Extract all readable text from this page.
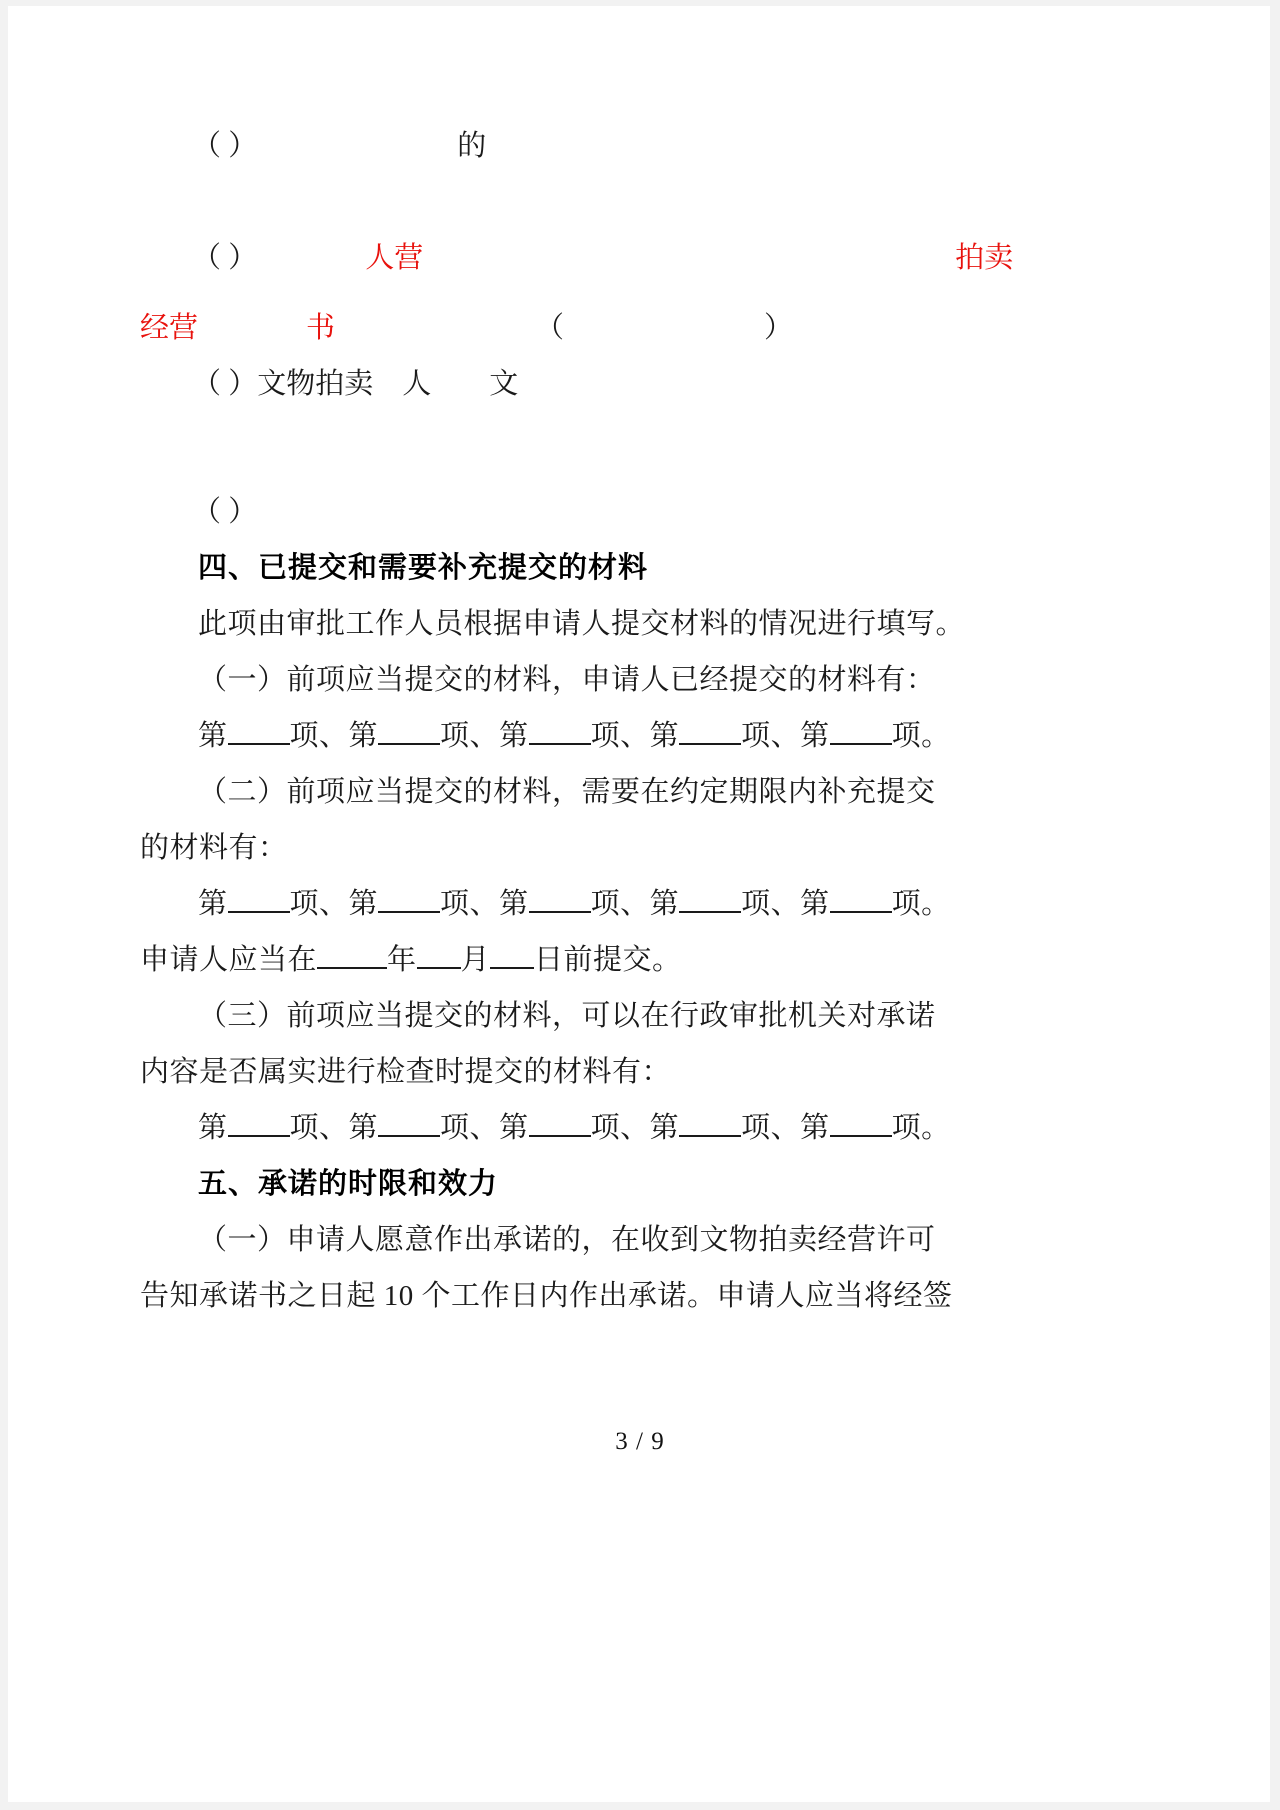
（ ）	的
（ ）	人营	拍卖
经营	书	（	）
（ ）文物拍卖    人        文
（ ）
四、已提交和需要补充提交的材料
此项由审批工作人员根据申请人提交材料的情况进行填写。
（一）前项应当提交的材料，申请人已经提交的材料有：
第 项、第 项、第 项、第 项、第 项。
（二）前项应当提交的材料，需要在约定期限内补充提交
的材料有：
第 项、第 项、第 项、第 项、第 项。
申请人应当在 年 月 日前提交。
（三）前项应当提交的材料，可以在行政审批机关对承诺
内容是否属实进行检查时提交的材料有：
第 项、第 项、第 项、第 项、第 项。
五、承诺的时限和效力
（一）申请人愿意作出承诺的，在收到文物拍卖经营许可
告知承诺书之日起 10 个工作日内作出承诺。申请人应当将经签
3 / 9
